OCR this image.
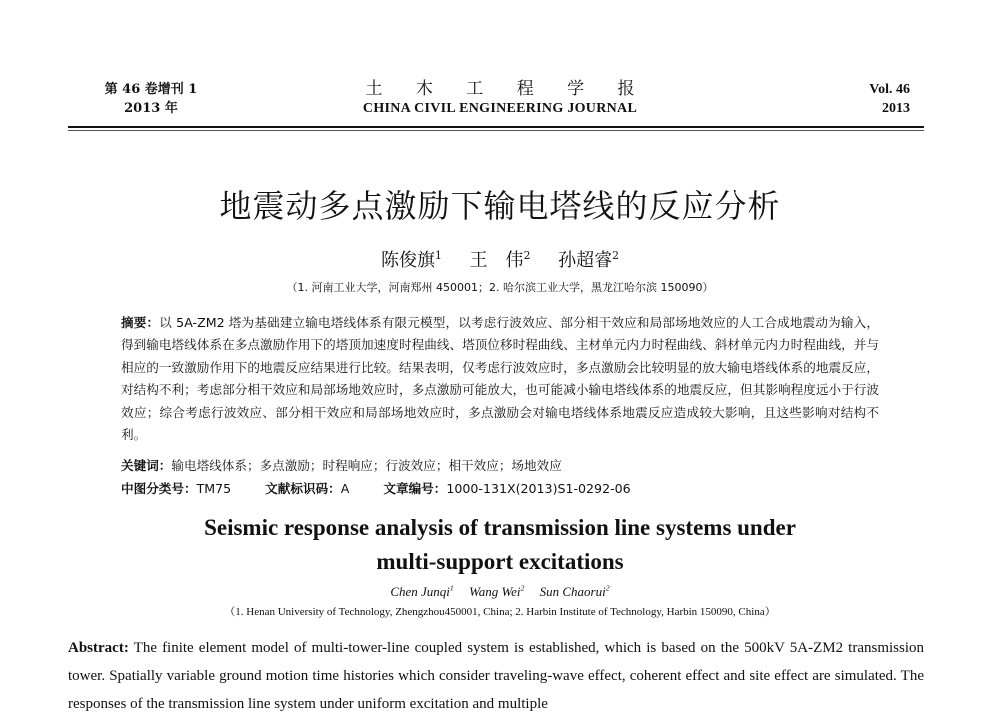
第 46 卷增刊 1
2013 年
土 木 工 程 学 报
CHINA CIVIL ENGINEERING JOURNAL
Vol. 46
2013
地震动多点激励下输电塔线的反应分析
陈俊旗$^1$ 王　伟$^2$ 孙超睿$^2$
（1. 河南工业大学，河南郑州 450001；2. 哈尔滨工业大学，黑龙江哈尔滨 150090）
摘要：以 5A-ZM2 塔为基础建立输电塔线体系有限元模型，以考虑行波效应、部分相干效应和局部场地效应的人工合成地震动为输入，得到输电塔线体系在多点激励作用下的塔顶加速度时程曲线、塔顶位移时程曲线、主材单元内力时程曲线、斜材单元内力时程曲线，并与相应的一致激励作用下的地震反应结果进行比较。结果表明，仅考虑行波效应时，多点激励会比较明显的放大输电塔线体系的地震反应，对结构不利；考虑部分相干效应和局部场地效应时，多点激励可能放大，也可能减小输电塔线体系的地震反应，但其影响程度远小于行波效应；综合考虑行波效应、部分相干效应和局部场地效应时，多点激励会对输电塔线体系地震反应造成较大影响，且这些影响对结构不利。
关键词：输电塔线体系；多点激励；时程响应；行波效应；相干效应；场地效应
中图分类号：TM75	文献标识码：A	文章编号：1000-131X(2013)S1-0292-06
Seismic response analysis of transmission line systems under
multi-support excitations
Chen Junqi$^1$ Wang Wei$^2$ Sun Chaorui$^2$
（1. Henan University of Technology, Zhengzhou450001, China; 2. Harbin Institute of Technology, Harbin 150090, China）
Abstract: The finite element model of multi-tower-line coupled system is established, which is based on the 500kV 5A-ZM2 transmission tower. Spatially variable ground motion time histories which consider traveling-wave effect, coherent effect and site effect are simulated. The responses of the transmission line system under uniform excitation and multiple
